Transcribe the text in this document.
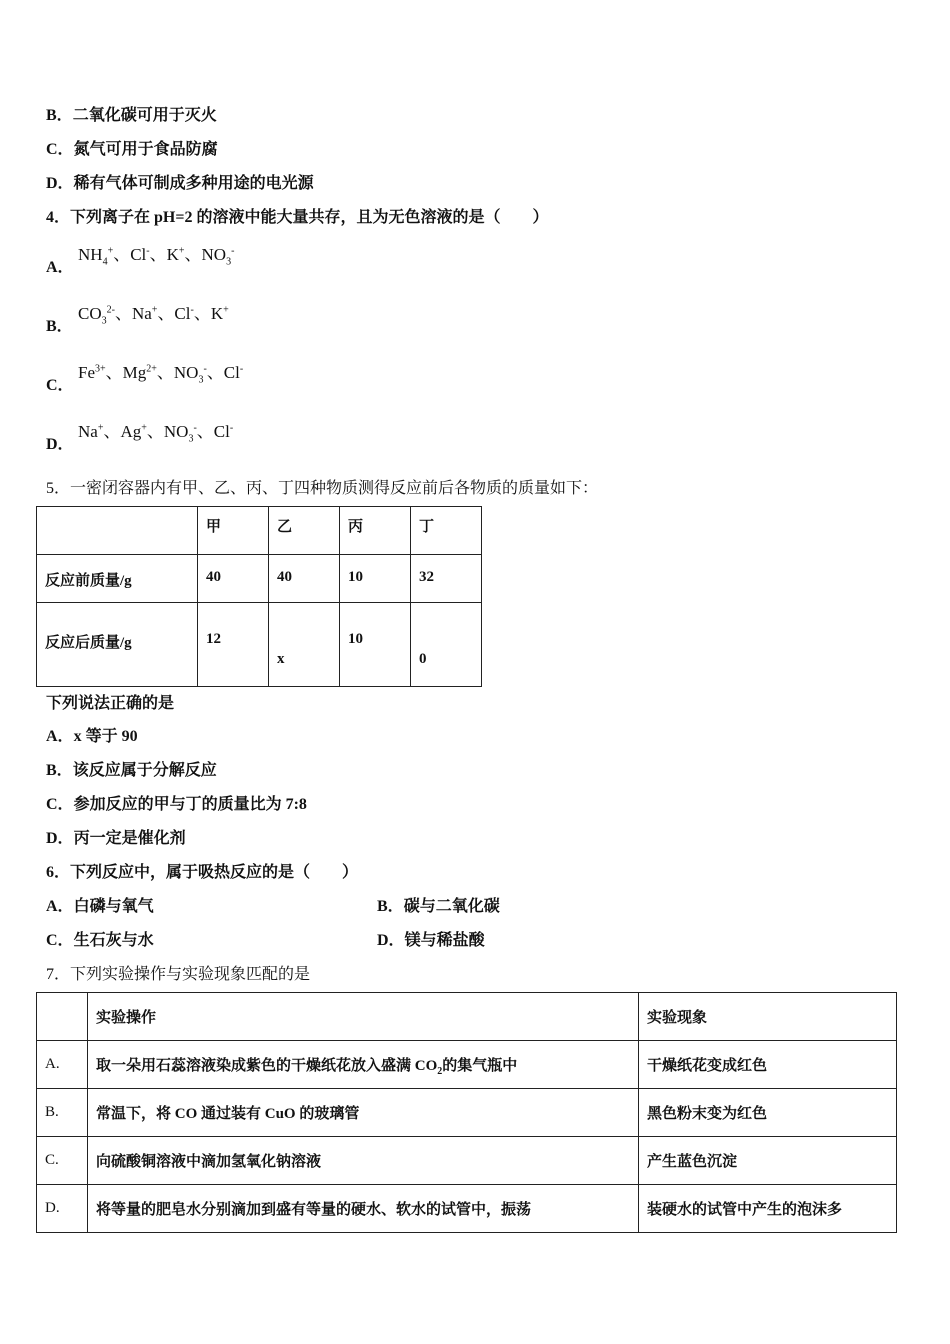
B．二氧化碳可用于灭火
C．氮气可用于食品防腐
D．稀有气体可制成多种用途的电光源
4．下列离子在 pH=2 的溶液中能大量共存，且为无色溶液的是（　　）
A．
$NH_4^+$、Cl-、K+、$NO_3^-$
B．
$CO_3^{2-}$、Na+、Cl-、K+
C．
$Fe^{3+}$、$Mg^{2+}$、$NO_3^-$、Cl-
D．
Na+、Ag+、$NO_3^-$、Cl-
5．一密闭容器内有甲、乙、丙、丁四种物质测得反应前后各物质的质量如下：
	甲	乙	丙	丁
反应前质量/g	40	40	10	32
反应后质量/g	12	x	10	0
下列说法正确的是
A．x 等于 90
B．该反应属于分解反应
C．参加反应的甲与丁的质量比为 7:8
D．丙一定是催化剂
6．下列反应中，属于吸热反应的是（　　）
A．白磷与氧气	B．碳与二氧化碳
C．生石灰与水	D．镁与稀盐酸
7．下列实验操作与实验现象匹配的是
	实验操作	实验现象
A.	取一朵用石蕊溶液染成紫色的干燥纸花放入盛满 $CO_2$的集气瓶中	干燥纸花变成红色
B.	常温下，将 CO 通过装有 CuO 的玻璃管	黑色粉末变为红色
C.	向硫酸铜溶液中滴加氢氧化钠溶液	产生蓝色沉淀
D.	将等量的肥皂水分别滴加到盛有等量的硬水、软水的试管中，振荡	装硬水的试管中产生的泡沫多
